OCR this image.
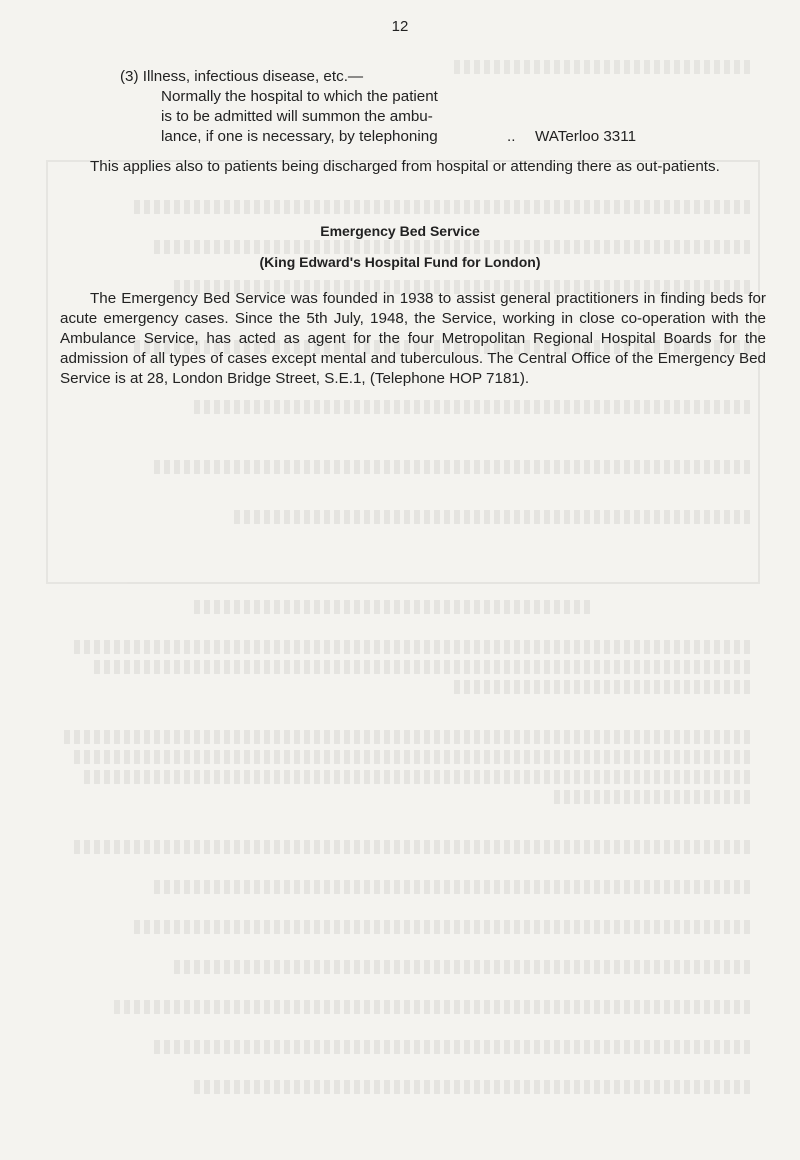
12
(3) Illness, infectious disease, etc.—
Normally the hospital to which the patient
is to be admitted will summon the ambu-
lance, if one is necessary, by telephoning	.. WATerloo 3311
This applies also to patients being discharged from hospital or attending there as out-patients.
Emergency Bed Service
(King Edward's Hospital Fund for London)
The Emergency Bed Service was founded in 1938 to assist general practitioners in finding beds for acute emergency cases. Since the 5th July, 1948, the Service, working in close co-operation with the Ambulance Service, has acted as agent for the four Metropolitan Regional Hospital Boards for the admission of all types of cases except mental and tuberculous. The Central Office of the Emergency Bed Service is at 28, London Bridge Street, S.E.1, (Telephone HOP 7181).
